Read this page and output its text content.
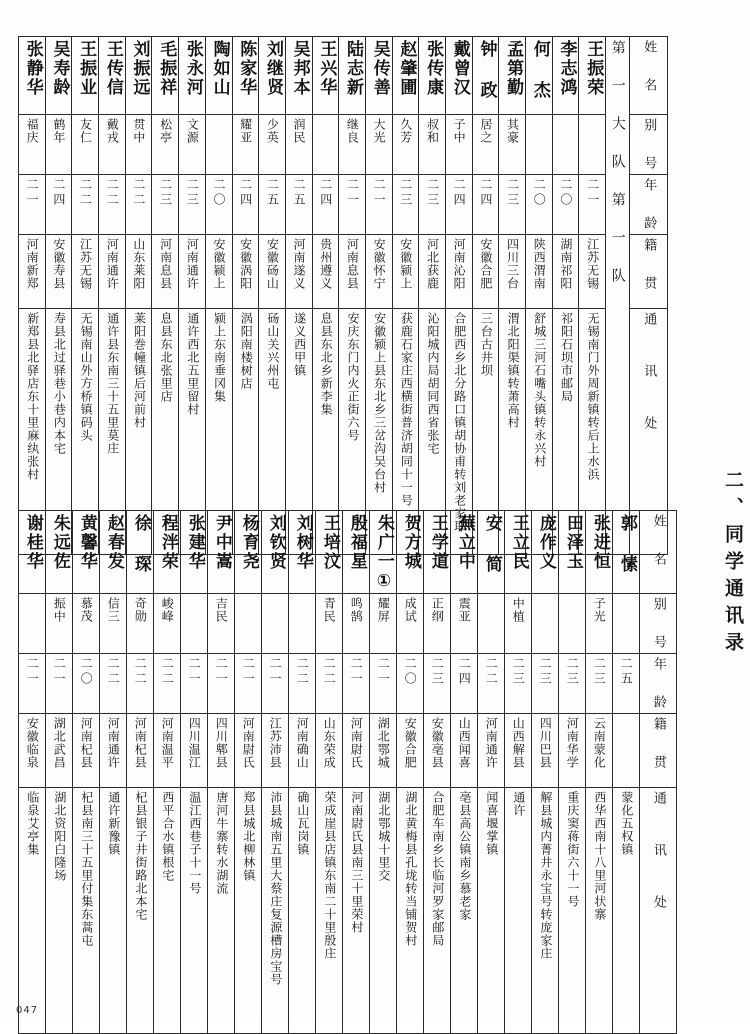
二、同学通讯录
张静华	吴寿龄	王振业	王传信	刘振远	毛振祥	张永河	陶如山	陈家华	刘继贤	吴邦本	王兴华	陆志新	吴传善	赵肇圃	张传康	戴曾汉	钟 政	孟第勤	何 杰	李志鸿	王振荣	第 一 大 队 第 一 队	姓 名

福庆	鹤年	友仁	戴戎	贯中	松亭	文源		耀亚	少英	润民		继良	大光	久芳	叔和	子中	居之	其豪					别 号

二一	二四	二二	二二	二二	二三	二三	二〇	二四	二五	二五	二四	二一	二一	二三	二三	二四	二四	二三	二〇	二〇	二一		年 龄

河南新郑	安徽寿县	江苏无锡	河南通许	山东莱阳	河南息县	河南通许	安徽颍上	安徽涡阳	安徽砀山	河南遂义	贵州遵义	河南息县	安徽怀宁	安徽颍上	河北获鹿	河南沁阳	安徽合肥	四川三台	陕西渭南	湖南祁阳	江苏无锡		籍 贯

新郑县北驿店东十里麻纨张村	寿县北过驿巷小巷内本宅	无锡南山外方桥镇码头	通许县东南三十五里莫庄	莱阳巻幢镇后河前村	息县东北张里店	通许西北五里留村	颍上东南垂冈集	涡阳南楼树店	砀山关兴州屯	遂义西甲镇	息县东北乡新李集	安庆东门内火正街六号	安徽颍上县东北乡三岔沟吴台村	获鹿石家庄西横街普济胡同十一号	沁阳城内局胡同西省张宅	合肥西乡北分路口镇胡协甫转刘老家耶	三台古井坝	渭北阳渠镇转萧高村	舒城三河石嘴头镇转永兴村	祁阳石坝市邮局	无锡南门外周新镇转后上水浜		通 讯 处
谢桂华	朱远佐	黄馨华	赵春发	徐 琛	程泮荣	张建华	尹中嵩	杨育尧	刘钦贤	刘树华	王培汶	殷福星	朱广一①	贺方城	王学道	蕪立中	安 简	王立民	庞作义	田泽玉	张进恒	郭 愫	姓 名

	振中	慕茂	信三	奇勋	峻峰		吉民				青民	鸣鹄	耀屏	成试	正纲	震亚		中植			子光		别 号

二一	二一	二〇	二二	二二	二二	二一	二一	二一	二一	二二	二二	二一	二一	二〇	二三	二四	二二	二三	二三	二三	二三	二五	年 龄

安徽临泉	湖北武昌	河南杞县	河南通许	河南杞县	河南温平	四川温江	四川郫县	河南尉氏	江苏沛县	河南确山	山东荣成	河南尉氏	湖北鄂城	安徽合肥	安徽亳县	山西闻喜	河南通许	山西解县	四川巴县	河南华学	云南蒙化		籍 贯

临泉艾亭集	湖北资阳白隆场	杞县南三十五里付集东蒿屯	通许新豫镇	杞县银子井街路北本宅	西平合水镇根宅	温江西巷子十一号	唐河牛寨转水湖流	郑县城北柳林镇	沛县城南五里大蔡庄复源槽房宝号	确山瓦岗镇	荣成崖县店镇东南二十里殷庄	河南尉氏县南三十里荣村	湖北鄂城十里交	湖北黄梅县孔垅转当铺贺村	合肥车南乡长临河罗家邮局	亳县高公镇南乡慕老家	闻喜堰掌镇	通许	解县城内菁井永宝号转庞家庄	重庆窦蒋街六十一号	西华西南十八里河状寨	蒙化五权镇	通 讯 处
047
